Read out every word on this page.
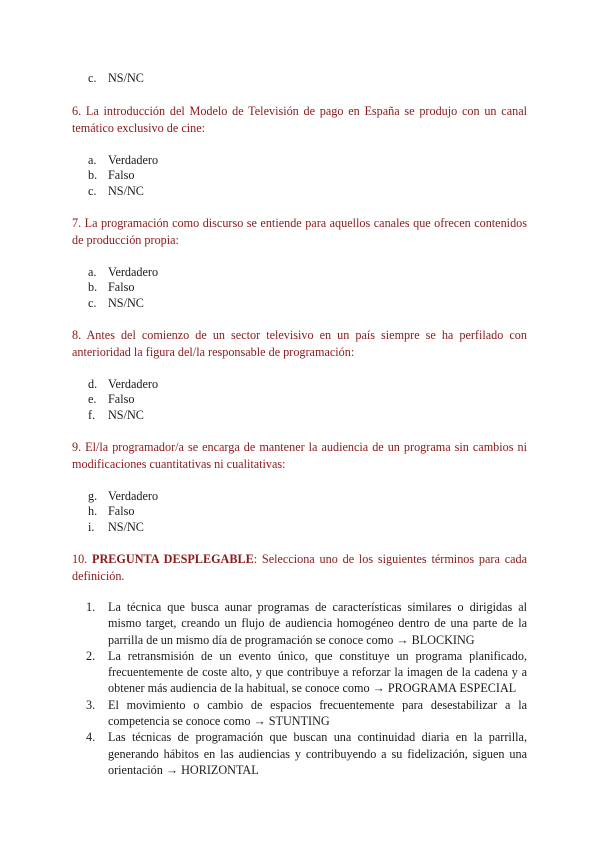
c. NS/NC
6. La introducción del Modelo de Televisión de pago en España se produjo con un canal temático exclusivo de cine:
a. Verdadero
b. Falso
c. NS/NC
7. La programación como discurso se entiende para aquellos canales que ofrecen contenidos de producción propia:
a. Verdadero
b. Falso
c. NS/NC
8. Antes del comienzo de un sector televisivo en un país siempre se ha perfilado con anterioridad la figura del/la responsable de programación:
d. Verdadero
e. Falso
f. NS/NC
9. El/la programador/a se encarga de mantener la audiencia de un programa sin cambios ni modificaciones cuantitativas ni cualitativas:
g. Verdadero
h. Falso
i. NS/NC
10. PREGUNTA DESPLEGABLE: Selecciona uno de los siguientes términos para cada definición.
1. La técnica que busca aunar programas de características similares o dirigidas al mismo target, creando un flujo de audiencia homogéneo dentro de una parte de la parrilla de un mismo día de programación se conoce como → BLOCKING
2. La retransmisión de un evento único, que constituye un programa planificado, frecuentemente de coste alto, y que contribuye a reforzar la imagen de la cadena y a obtener más audiencia de la habitual, se conoce como → PROGRAMA ESPECIAL
3. El movimiento o cambio de espacios frecuentemente para desestabilizar a la competencia se conoce como → STUNTING
4. Las técnicas de programación que buscan una continuidad diaria en la parrilla, generando hábitos en las audiencias y contribuyendo a su fidelización, siguen una orientación → HORIZONTAL
